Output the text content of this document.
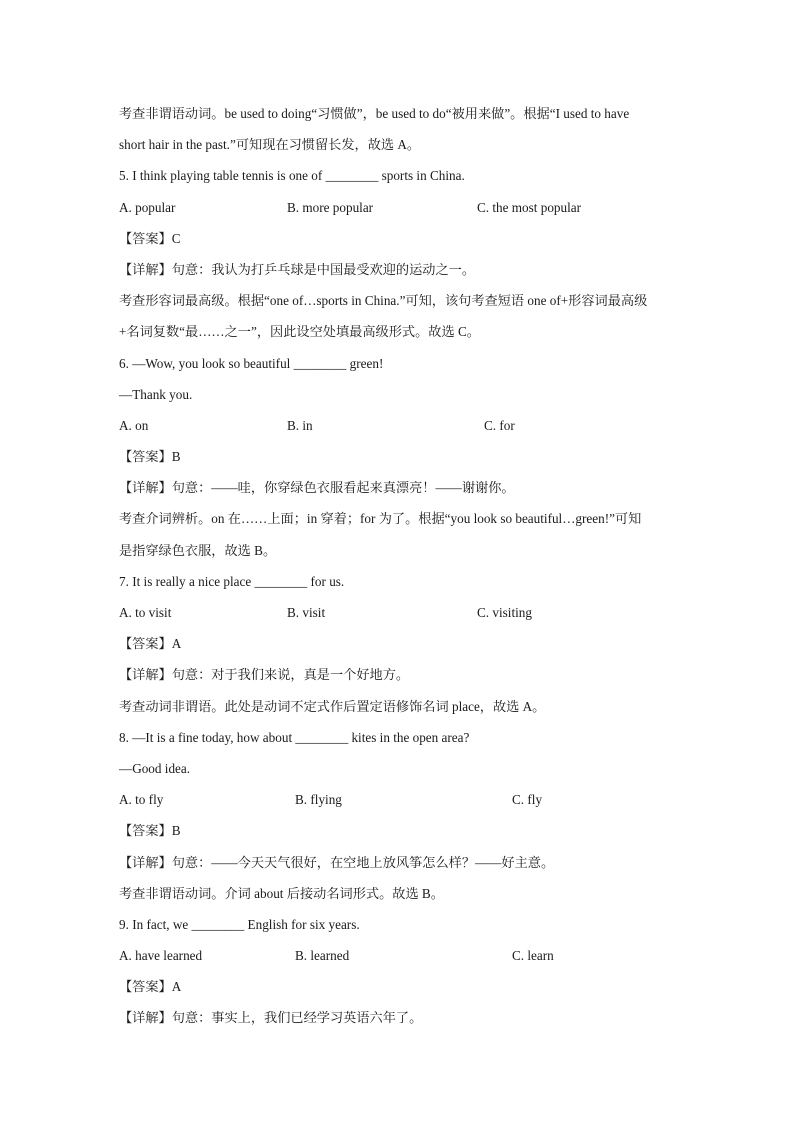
考查非谓语动词。be used to doing“习惯做”，be used to do“被用来做”。根据“I used to have
short hair in the past.”可知现在习惯留长发，故选 A。
5. I think playing table tennis is one of ________ sports in China.
A. popular	B. more popular	C. the most popular
【答案】C
【详解】句意：我认为打乒乓球是中国最受欢迎的运动之一。
考查形容词最高级。根据“one of…sports in China.”可知，该句考查短语 one of+形容词最高级
+名词复数“最……之一”，因此设空处填最高级形式。故选 C。
6. —Wow, you look so beautiful ________ green!
—Thank you.
A. on	B. in	C. for
【答案】B
【详解】句意：——哇，你穿绿色衣服看起来真漂亮！——谢谢你。
考查介词辨析。on 在……上面；in 穿着；for 为了。根据“you look so beautiful…green!”可知
是指穿绿色衣服，故选 B。
7. It is really a nice place ________ for us.
A. to visit	B. visit	C. visiting
【答案】A
【详解】句意：对于我们来说，真是一个好地方。
考查动词非谓语。此处是动词不定式作后置定语修饰名词 place，故选 A。
8. —It is a fine today, how about ________ kites in the open area?
—Good idea.
A. to fly	B. flying	C. fly
【答案】B
【详解】句意：——今天天气很好，在空地上放风筝怎么样？——好主意。
考查非谓语动词。介词 about 后接动名词形式。故选 B。
9. In fact, we ________ English for six years.
A. have learned	B. learned	C. learn
【答案】A
【详解】句意：事实上，我们已经学习英语六年了。
